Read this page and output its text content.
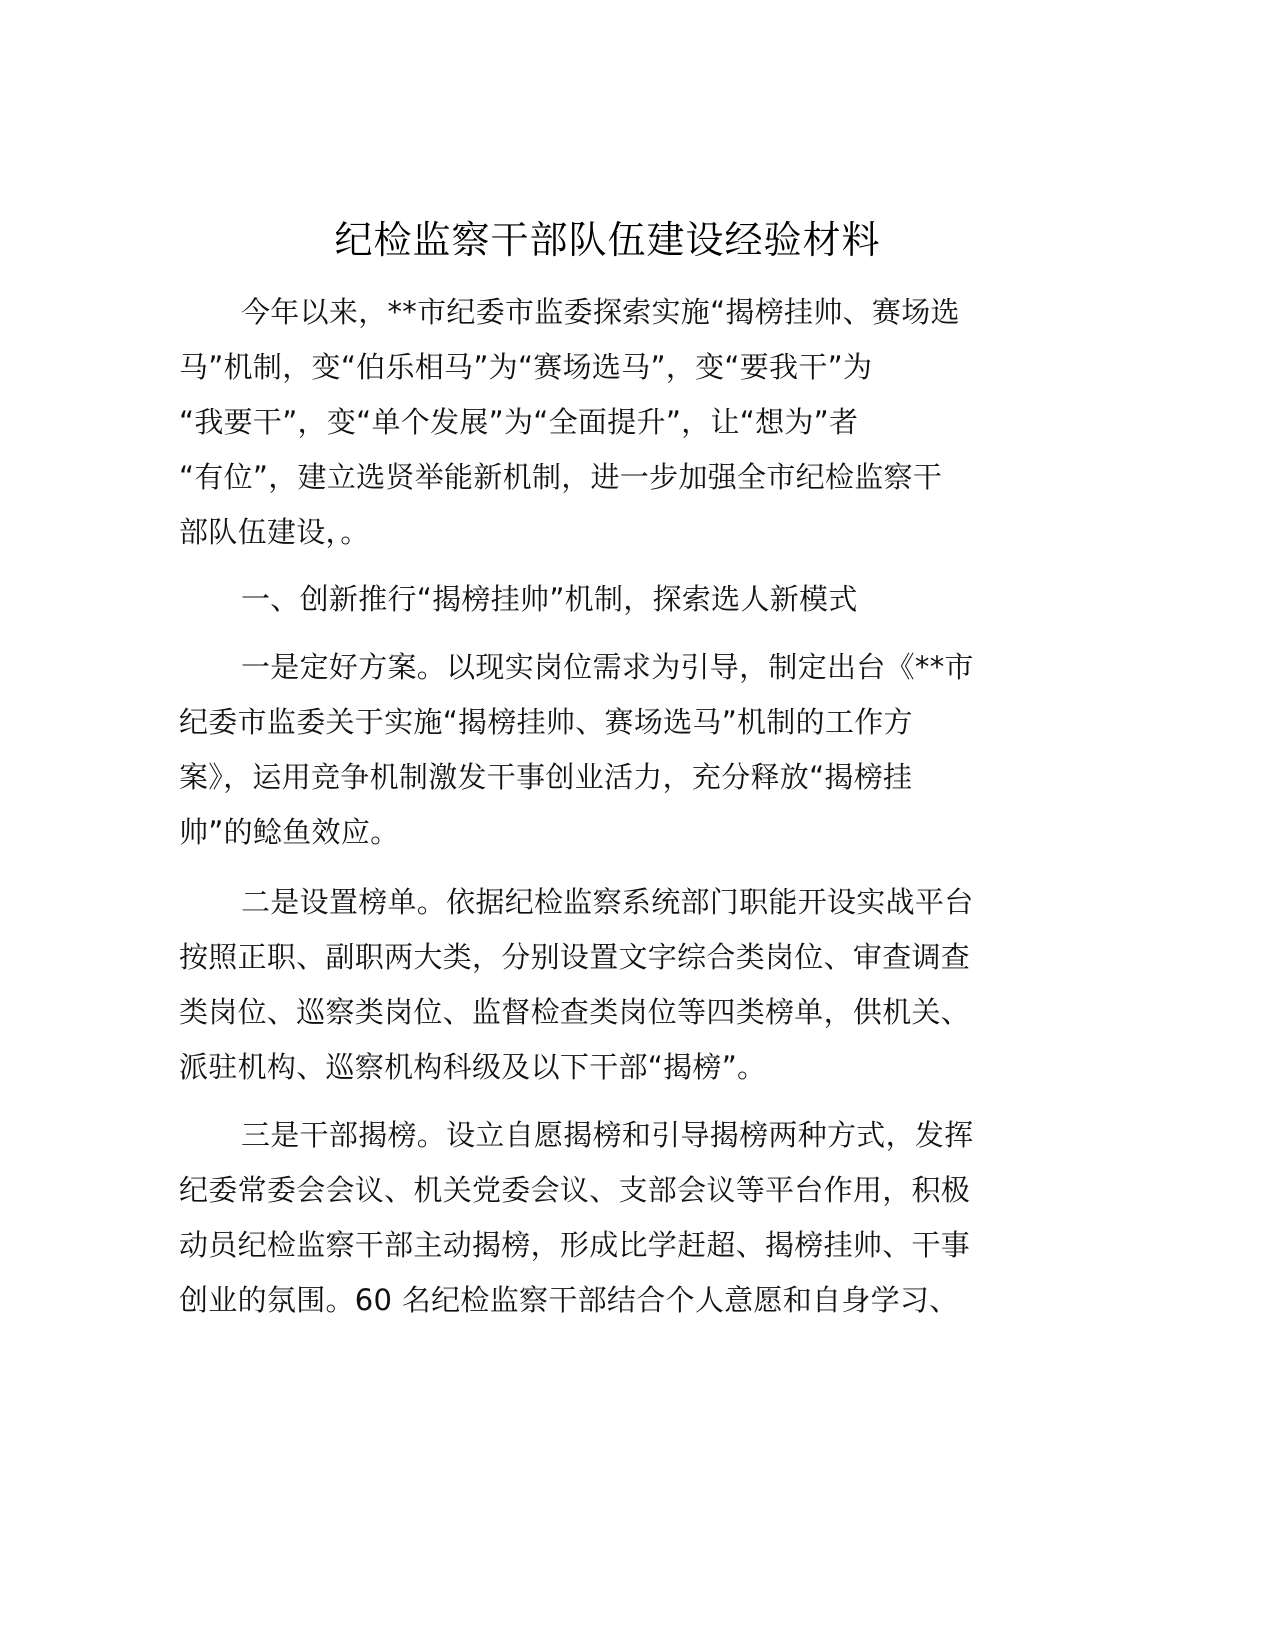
纪检监察干部队伍建设经验材料
今年以来，**市纪委市监委探索实施“揭榜挂帅、赛场选
马”机制，变“伯乐相马”为“赛场选马”，变“要我干”为
“我要干”，变“单个发展”为“全面提升”，让“想为”者
“有位”，建立选贤举能新机制，进一步加强全市纪检监察干
部队伍建设，。
一、创新推行“揭榜挂帅”机制，探索选人新模式
一是定好方案。以现实岗位需求为引导，制定出台《**市
纪委市监委关于实施“揭榜挂帅、赛场选马”机制的工作方
案》，运用竞争机制激发干事创业活力，充分释放“揭榜挂
帅”的鲶鱼效应。
二是设置榜单。依据纪检监察系统部门职能开设实战平台
按照正职、副职两大类，分别设置文字综合类岗位、审查调查
类岗位、巡察类岗位、监督检查类岗位等四类榜单，供机关、
派驻机构、巡察机构科级及以下干部“揭榜”。
三是干部揭榜。设立自愿揭榜和引导揭榜两种方式，发挥
纪委常委会会议、机关党委会议、支部会议等平台作用，积极
动员纪检监察干部主动揭榜，形成比学赶超、揭榜挂帅、干事
创业的氛围。60 名纪检监察干部结合个人意愿和自身学习、
